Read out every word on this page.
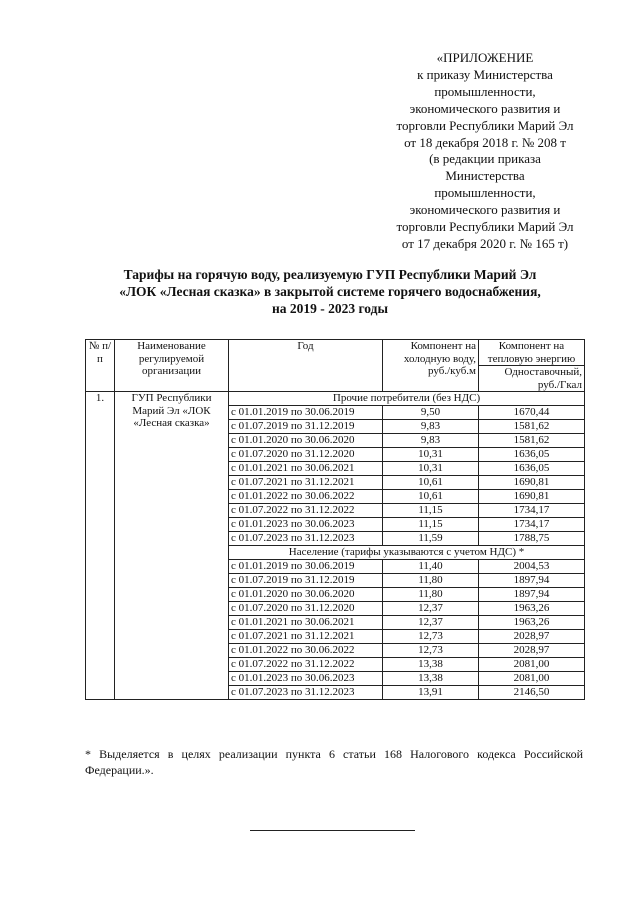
«ПРИЛОЖЕНИЕ
к приказу Министерства
промышленности,
экономического развития и
торговли Республики Марий Эл
от 18 декабря 2018 г. № 208 т
(в редакции приказа
Министерства
промышленности,
экономического развития и
торговли Республики Марий Эл
от 17 декабря 2020 г. № 165 т)
Тарифы на горячую воду, реализуемую ГУП Республики Марий Эл
«ЛОК «Лесная сказка» в закрытой системе горячего водоснабжения,
на 2019 - 2023 годы
№ п/п	Наименование регулируемой организации	Год	Компонент на холодную воду, руб./куб.м	Компонент на тепловую энергию
				Одноставочный, руб./Гкал
1.	ГУП Республики Марий Эл «ЛОК «Лесная сказка»	Прочие потребители (без НДС)		
		с 01.01.2019 по 30.06.2019	9,50	1670,44
		с 01.07.2019 по 31.12.2019	9,83	1581,62
		с 01.01.2020 по 30.06.2020	9,83	1581,62
		с 01.07.2020 по 31.12.2020	10,31	1636,05
		с 01.01.2021 по 30.06.2021	10,31	1636,05
		с 01.07.2021 по 31.12.2021	10,61	1690,81
		с 01.01.2022 по 30.06.2022	10,61	1690,81
		с 01.07.2022 по 31.12.2022	11,15	1734,17
		с 01.01.2023 по 30.06.2023	11,15	1734,17
		с 01.07.2023 по 31.12.2023	11,59	1788,75
		Население (тарифы указываются с учетом НДС) *		
		с 01.01.2019 по 30.06.2019	11,40	2004,53
		с 01.07.2019 по 31.12.2019	11,80	1897,94
		с 01.01.2020 по 30.06.2020	11,80	1897,94
		с 01.07.2020 по 31.12.2020	12,37	1963,26
		с 01.01.2021 по 30.06.2021	12,37	1963,26
		с 01.07.2021 по 31.12.2021	12,73	2028,97
		с 01.01.2022 по 30.06.2022	12,73	2028,97
		с 01.07.2022 по 31.12.2022	13,38	2081,00
		с 01.01.2023 по 30.06.2023	13,38	2081,00
		с 01.07.2023 по 31.12.2023	13,91	2146,50
* Выделяется в целях реализации пункта 6 статьи 168 Налогового кодекса Российской Федерации.».
